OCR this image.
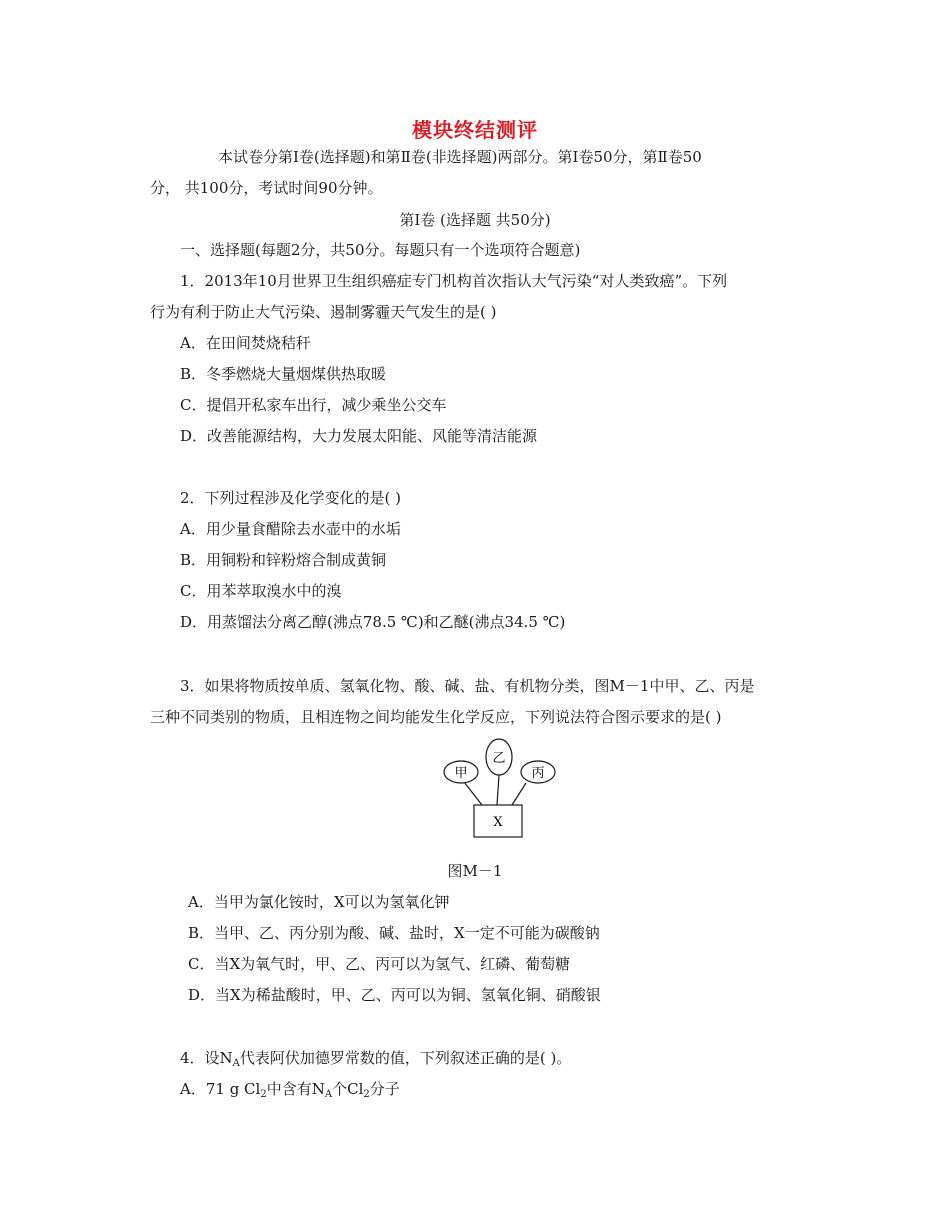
模块终结测评
本试卷分第Ⅰ卷(选择题)和第Ⅱ卷(非选择题)两部分。第Ⅰ卷50分，第Ⅱ卷50
分， 共100分，考试时间90分钟。
第Ⅰ卷 (选择题 共50分)
一、选择题(每题2分，共50分。每题只有一个选项符合题意)
1．2013年10月世界卫生组织癌症专门机构首次指认大气污染“对人类致癌”。下列
行为有利于防止大气污染、遏制雾霾天气发生的是( )
A．在田间焚烧秸秆
B．冬季燃烧大量烟煤供热取暖
C．提倡开私家车出行，减少乘坐公交车
D．改善能源结构，大力发展太阳能、风能等清洁能源
2．下列过程涉及化学变化的是( )
A．用少量食醋除去水壶中的水垢
B．用铜粉和锌粉熔合制成黄铜
C．用苯萃取溴水中的溴
D．用蒸馏法分离乙醇(沸点78.5 ℃)和乙醚(沸点34.5 ℃)
3．如果将物质按单质、氢氧化物、酸、碱、盐、有机物分类，图M－1中甲、乙、丙是
三种不同类别的物质，且相连物之间均能发生化学反应，下列说法符合图示要求的是( )
甲
乙
丙
X
图M－1
A．当甲为氯化铵时，X可以为氢氧化钾
B．当甲、乙、丙分别为酸、碱、盐时，X一定不可能为碳酸钠
C．当X为氧气时，甲、乙、丙可以为氢气、红磷、葡萄糖
D．当X为稀盐酸时，甲、乙、丙可以为铜、氢氧化铜、硝酸银
4．设$N_A$代表阿伏加德罗常数的值，下列叙述正确的是( )。
A．71 g $Cl_2$中含有$N_A$个$Cl_2$分子
